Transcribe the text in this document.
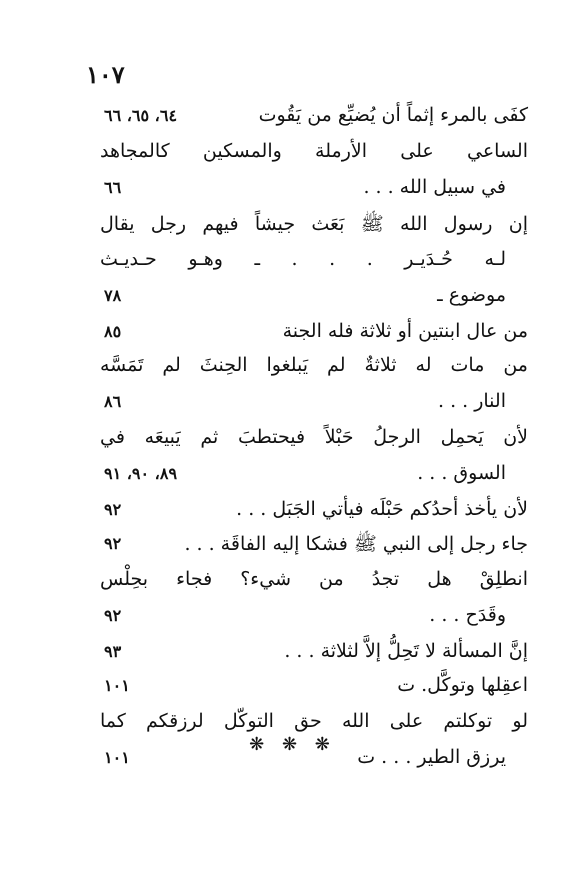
١٠٧
كفَى بالمرء إثماً أن يُضيِّع من يَقُوت
٦٤، ٦٥، ٦٦
الساعي على الأرملة والمسكين كالمجاهد
في سبيل الله . . .
٦٦
إن رسول الله ﷺ بَعَث جيشاً فيهم رجل يقال
لـه حُـدَيـر . . . ـ وهـو حـديـث
موضوع ـ
٧٨
من عال ابنتين أو ثلاثة فله الجنة
٨٥
من مات له ثلاثةٌ لم يَبلغوا الحِنثَ لم تَمَسَّه
النار . . .
٨٦
لأن يَحمِل الرجلُ حَبْلاً فيحتطبَ ثم يَبيعَه في
السوق . . .
٨٩، ٩٠، ٩١
لأن يأخذ أحدُكم حَبْلَه فيأتي الجَبَل . . .
٩٢
جاء رجل إلى النبي ﷺ فشكا إليه الفاقَة . . .
٩٢
انطلِقْ هل تجدُ من شيء؟ فجاء بحِلْس
وقَدَح . . .
٩٢
إنَّ المسألة لا تَحِلُّ إلاَّ لثلاثة . . .
٩٣
اعقِلها وتوكَّل. ت
١٠١
لو توكلتم على الله حق التوكّل لرزقكم كما
يرزق الطير . . . ت
١٠١
❋ ❋ ❋
